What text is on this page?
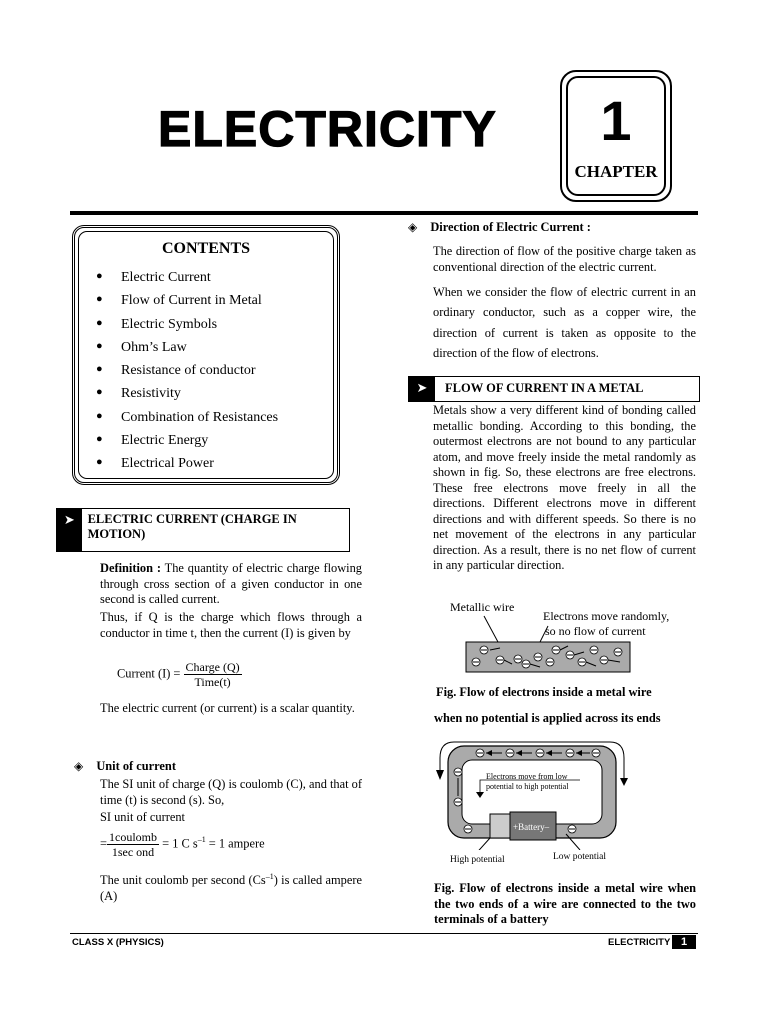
ELECTRICITY	1
CHAPTER
CONTENTS
● Electric Current
● Flow of Current in Metal
● Electric Symbols
● Ohm’s Law
● Resistance of conductor
● Resistivity
● Combination of Resistances
● Electric Energy
● Electrical Power
➤	ELECTRIC CURRENT (CHARGE IN MOTION)
Definition : The quantity of electric charge flowing through cross section of a given conductor in one second is called current.
Thus, if Q is the charge which flows through a conductor in time t, then the current (I) is given by
Current $(I) = \frac{\text{Charge (Q)}}{\text{Time(t)}}$
The electric current (or current) is a scalar quantity.
◈ Unit of current
The SI unit of charge (Q) is coulomb (C), and that of time (t) is second (s). So,
SI unit of current
= $\frac{\text{1coulomb}}{\text{1sec ond}} = 1$ C $s^{-1} = 1$ ampere
The unit coulomb per second $(Cs^{-1})$ is called ampere (A)
◈ Direction of Electric Current :
The direction of flow of the positive charge taken as conventional direction of the electric current.
When we consider the flow of electric current in an ordinary conductor, such as a copper wire, the direction of current is taken as opposite to the direction of the flow of electrons.
➤	FLOW OF CURRENT IN A METAL
Metals show a very different kind of bonding called metallic bonding. According to this bonding, the outermost electrons are not bound to any particular atom, and move freely inside the metal randomly as shown in fig. So, these electrons are free electrons. These free electrons move freely in all the directions. Different electrons move in different directions and with different speeds. So there is no net movement of the electrons in any particular direction. As a result, there is no net flow of current in any particular direction.
Metallic wire
Electrons move randomly,
so no flow of current
Fig. Flow of electrons inside a metal wire
when no potential is applied across its ends
Electrons move from low
potential to high potential
+Battery–
High potential	Low potential
Fig. Flow of electrons inside a metal wire when the two ends of a wire are connected to the two terminals of a battery
CLASS X (PHYSICS)	ELECTRICITY 1
